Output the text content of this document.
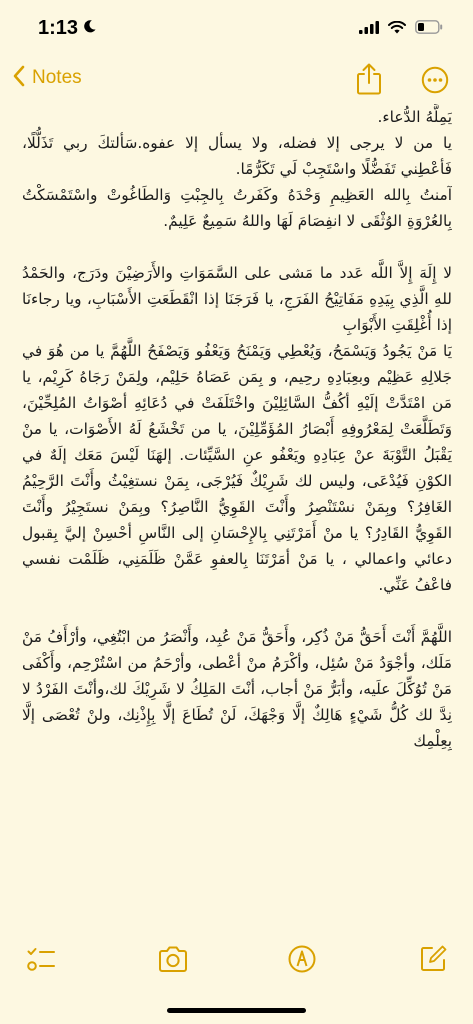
1:13
Notes
يَمِلَّهُ الدُّعاء.
يا من لا يرجى إلا فضله، ولا يسأل إلا عفوه.سَألتكَ ربي تَذَلُّلًا، فَأعْطِني تَفَضُّلًا واسْتَجِبْ لَي تَكَرُّمًا.
آمنتُ بِالله العَظِيمِ وَحْدَهُ وكَفَرتُ بِالجِبْتِ وَالطَاغُوتْ واسْتَمْسَكْتُ بِالعُرْوَةِ الوُثْقَى لا انفِصَامَ لَهَا واللهُ سَمِيعٌ عَلِيمٌ.
لا إِلَهَ إِلاَّ اللَّه عَدد ما مَشى على السَّمَوَاتِ والأَرَضِيْنَ ودَرَج، والحَمْدُ للهِ الَّذِي بِيَدِهِ مَفَاتِيْحُ الفَرَجِ، يا فَرَجَنَا إذا انْقَطَعَتِ الأَسْبَابِ، ويا رجاءنَا إذا أُغْلِقَتِ الأَبْوَابِ
يَا مَنْ يَجُودُ وَيَسْمَحُ، وَيُعْطِي وَيَمْنَحُ وَيَعْفُو وَيَصْفَحُ اللَّهُمَّ يا من هُوَ في جَلالِهِ عَظِيْم وبعِبَادِهِ رحِيم، و بِمَن عَصَاهُ حَلِيْم، ولِمَنْ رَجَاهُ كَرِيْم، يا مَن امْتَدَّتْ إلَيْهِ أكُفُّ السَّائِلِيْنَ واخْتَلَفَتْ في دُعَائِهِ أصْوَاتُ المُلِحِّيْنَ، وَتَطَلَّعَتْ لِمَعْرُوفِهِ أَبْصَارُ المُؤَمِّلِيْنَ، يا من تَخْشَعُ لَهُ الأَصْوَات، يا منْ يَقْبَلُ التَّوْبَةَ عنْ عِبَادِهِ ويَعْفُو عنِ السَّيِّئات. إلهَنَا لَيْسَ مَعَك إلَهٌ في الكوْنِ فَيُدْعَى، وليس لك شَرِيْكٌ فَيُرْجَى، بِمَنْ نستغِيْثُ وأَنْتَ الرَّحِيْمُ الغَافِرُ؟ وبِمَنْ نسْتَنْصِرُ وأَنْتَ القَوِيُّ النَّاصِرُ؟ وبِمَنْ نستَجِيْرُ وأَنْتَ القَوِيُّ القَادِرُ؟ يا منْ أَمَرْتَنِي بِالإِحْسَانِ إلى النَّاسِ أحْسِنْ إليَّ بِقبول دعائي واعمالي ، يا مَنْ أمَرْتَنَا بِالعفوِ عَمَّنْ ظَلَمَنِي، ظَلَمْت نفسي فاعْفُ عَنِّي.
اللَّهُمَّ أَنْتَ أَحَقُّ مَنْ ذُكِر، وأَحَقُّ مَنْ عُبِد، وأَنْصَرُ من ابْتُغِي، وأرْأَفُ مَنْ مَلَك، وأجْوَدُ مَنْ سُئِل، وأكْرَمُ منْ أعْطى، وأرْحَمُ من اسْتُرْحِم، وأَكْفَى مَنْ تُوُكِّلَ علَيه، وأبَرُّ مَنْ أجاب، أنْتَ المَلِكُ لا شَرِيْكَ لك،وأنْتَ الفَرْدُ لا نِدَّ لك كُلُّ شَيْءٍ هَالِكٌ إلَّا وَجْهَكَ، لَنْ تُطَاعَ إلَّا بِإِذْنِك، ولنْ تُعْصَى إلَّا بِعِلْمِك
